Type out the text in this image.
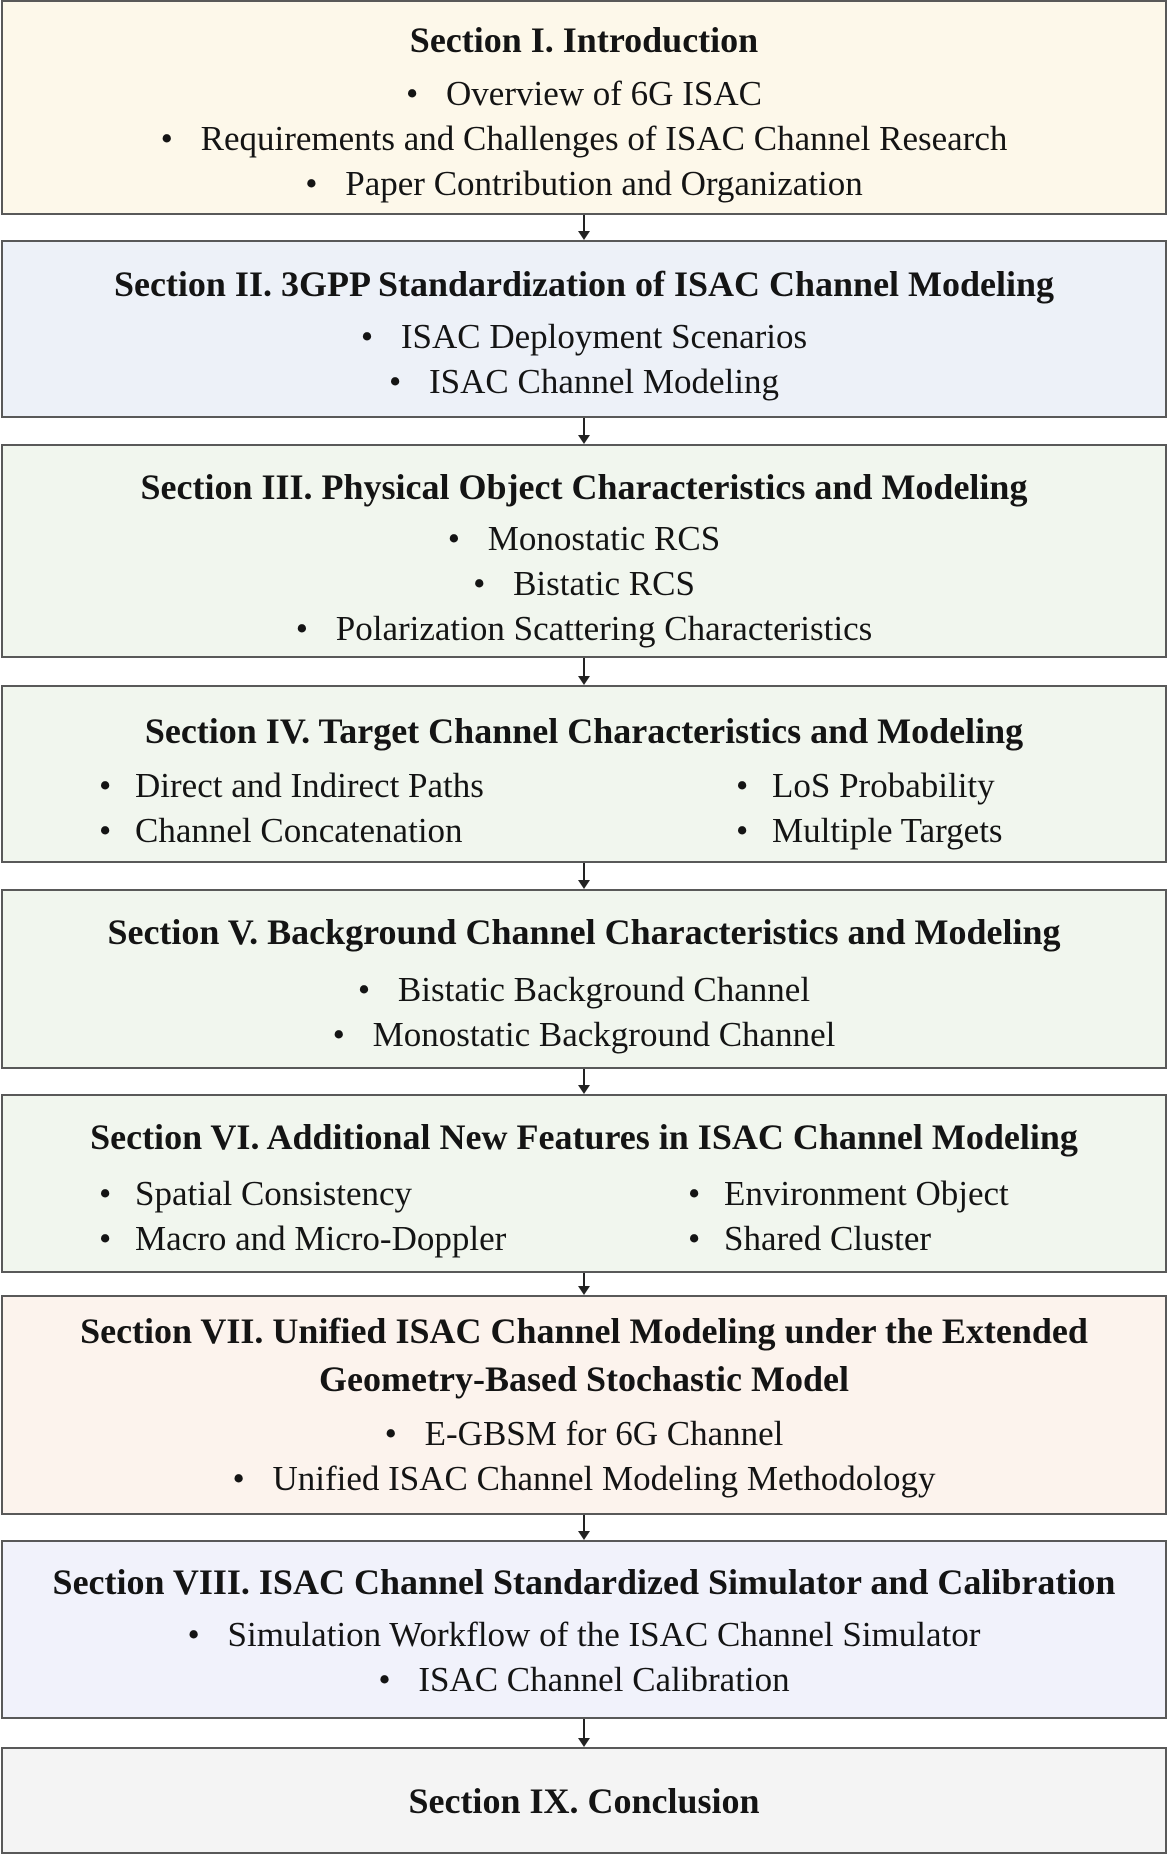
Section I. Introduction
• Overview of 6G ISAC
• Requirements and Challenges of ISAC Channel Research
• Paper Contribution and Organization
Section II. 3GPP Standardization of ISAC Channel Modeling
• ISAC Deployment Scenarios
• ISAC Channel Modeling
Section III. Physical Object Characteristics and Modeling
• Monostatic RCS
• Bistatic RCS
• Polarization Scattering Characteristics
Section IV. Target Channel Characteristics and Modeling
• Direct and Indirect Paths
• Channel Concatenation
• LoS Probability
• Multiple Targets
Section V. Background Channel Characteristics and Modeling
• Bistatic Background Channel
• Monostatic Background Channel
Section VI. Additional New Features in ISAC Channel Modeling
• Spatial Consistency
• Macro and Micro-Doppler
• Environment Object
• Shared Cluster
Section VII. Unified ISAC Channel Modeling under the Extended
Geometry-Based Stochastic Model
• E-GBSM for 6G Channel
• Unified ISAC Channel Modeling Methodology
Section VIII. ISAC Channel Standardized Simulator and Calibration
• Simulation Workflow of the ISAC Channel Simulator
• ISAC Channel Calibration
Section IX. Conclusion
